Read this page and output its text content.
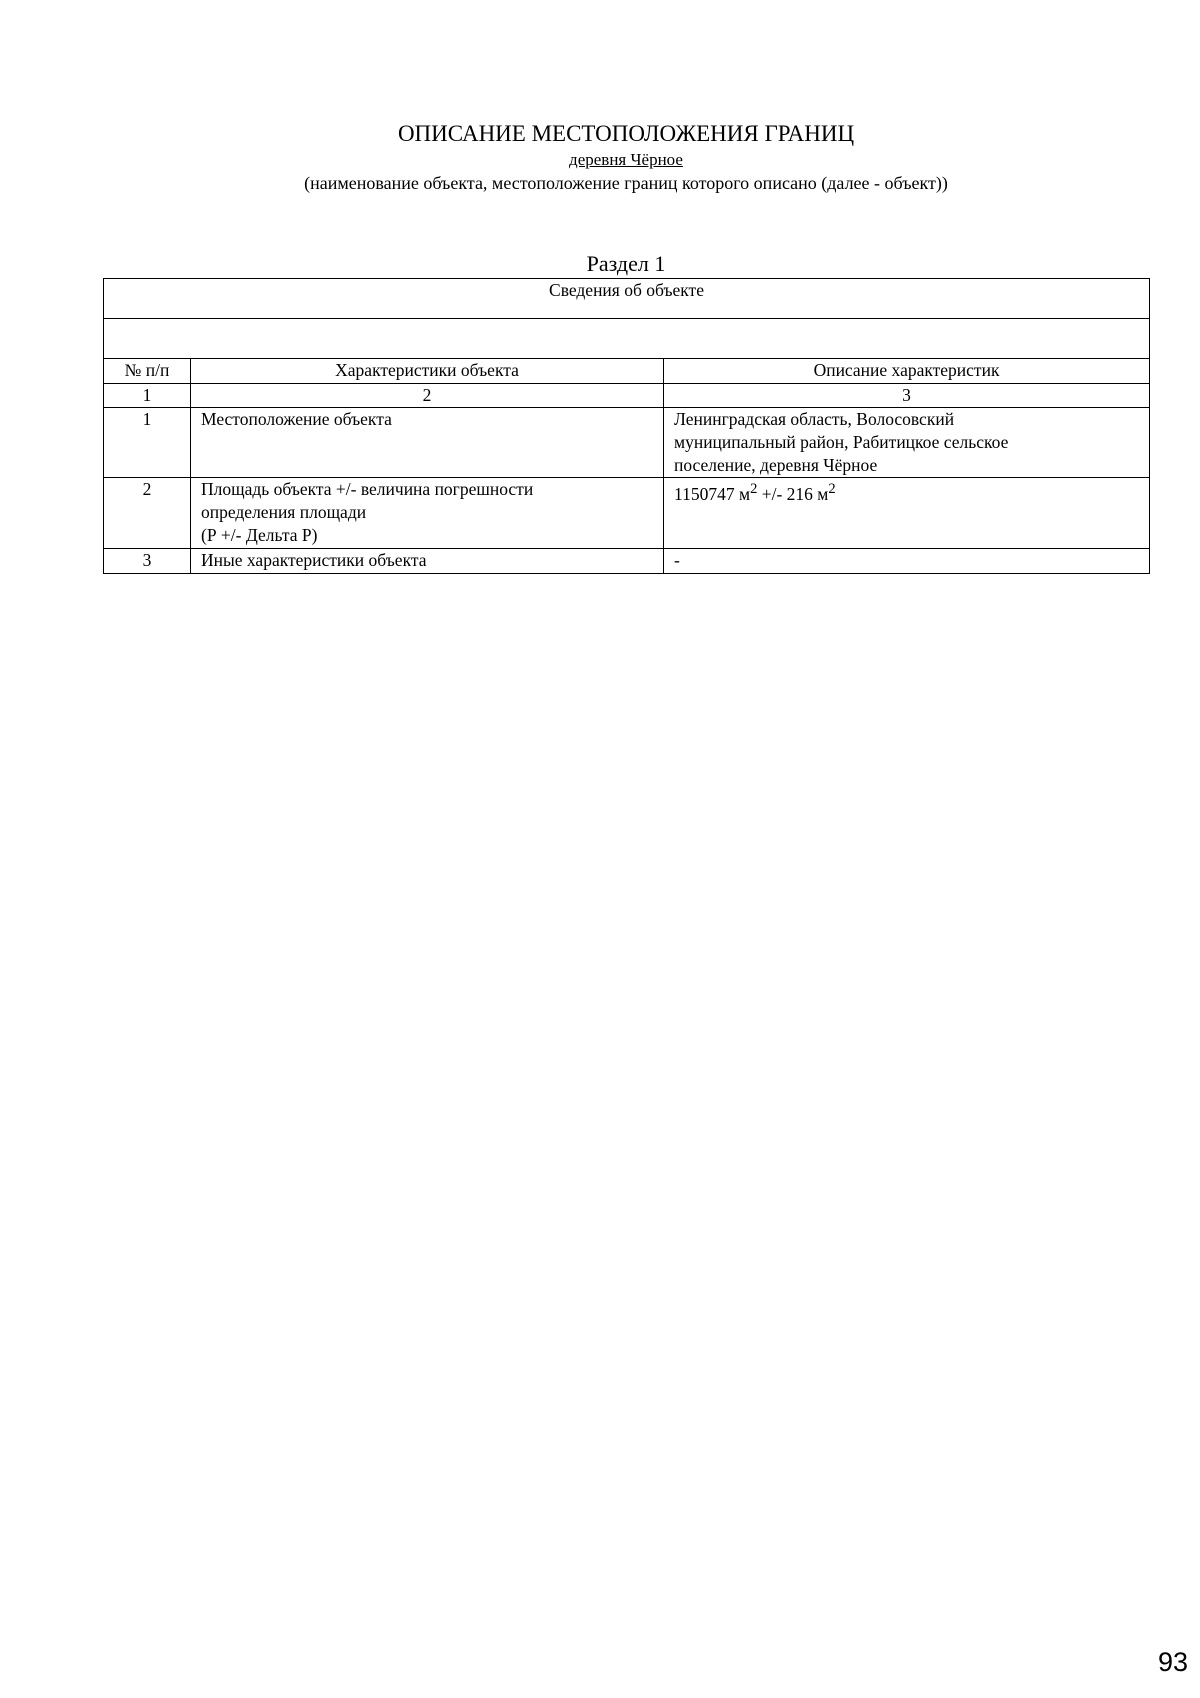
ОПИСАНИЕ МЕСТОПОЛОЖЕНИЯ ГРАНИЦ
деревня Чёрное
(наименование объекта, местоположение границ которого описано (далее - объект))
Раздел 1
Сведения об объекте		

№ п/п	Характеристики объекта	Описание характеристик
1	2	3
1	Местоположение объекта	Ленинградская область, Волосовский
муниципальный район, Рабитицкое сельское
поселение, деревня Чёрное

2	Площадь объекта +/- величина погрешности
определения площади
(Р +/- Дельта Р)	1150747 $м^2$ +/- 216 $м^2$
3	Иные характеристики объекта	-
93
